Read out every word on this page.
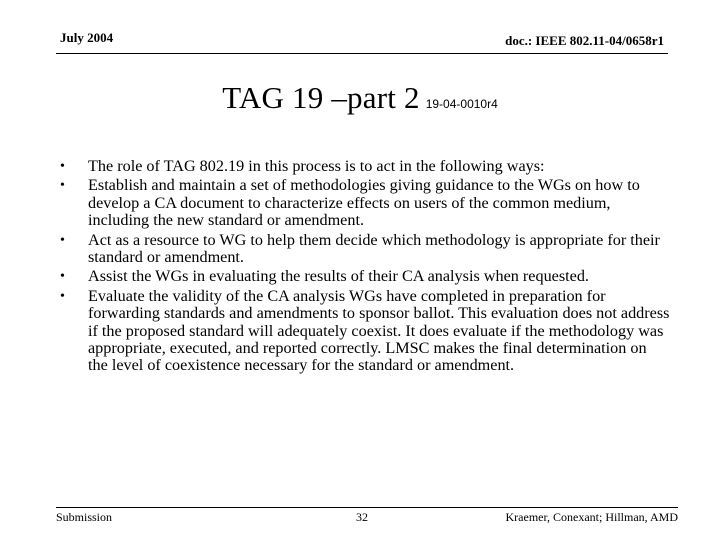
July 2004	doc.: IEEE 802.11-04/0658r1
TAG 19 –part 2 19-04-0010r4
• The role of TAG 802.19 in this process is to act in the following ways:
• Establish and maintain a set of methodologies giving guidance to the WGs on how to develop a CA document to characterize effects on users of the common medium, including the new standard or amendment.
• Act as a resource to WG to help them decide which methodology is appropriate for their standard or amendment.
• Assist the WGs in evaluating the results of their CA analysis when requested.
• Evaluate the validity of the CA analysis WGs have completed in preparation for forwarding standards and amendments to sponsor ballot. This evaluation does not address if the proposed standard will adequately coexist. It does evaluate if the methodology was appropriate, executed, and reported correctly. LMSC makes the final determination on the level of coexistence necessary for the standard or amendment.
Submission	32	Kraemer, Conexant; Hillman, AMD
